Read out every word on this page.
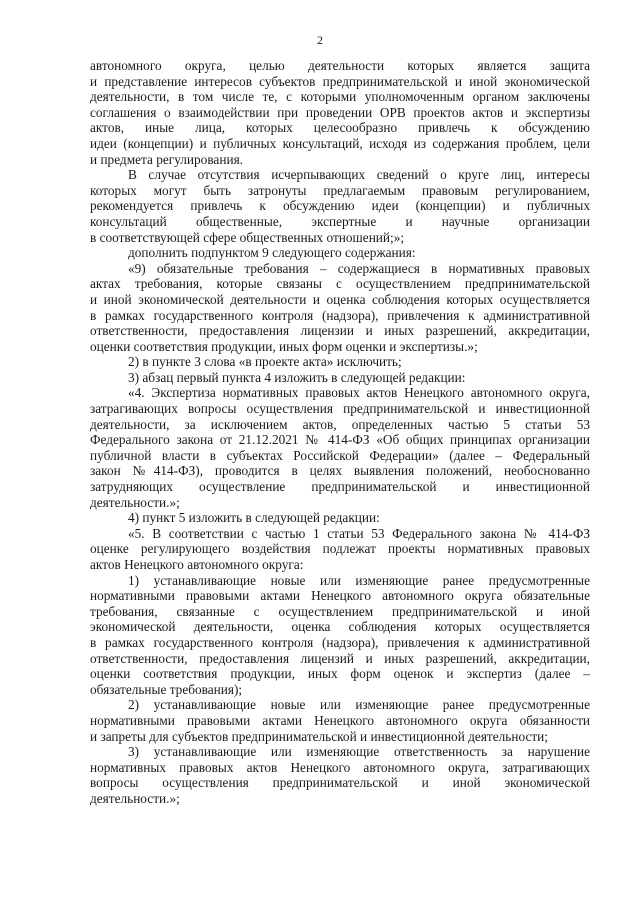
2
автономного округа, целью деятельности которых является защита
и представление интересов субъектов предпринимательской и иной экономической
деятельности, в том числе те, с которыми уполномоченным органом заключены
соглашения о взаимодействии при проведении ОРВ проектов актов и экспертизы
актов, иные лица, которых целесообразно привлечь к обсуждению
идеи (концепции) и публичных консультаций, исходя из содержания проблем, цели
и предмета регулирования.
В случае отсутствия исчерпывающих сведений о круге лиц, интересы
которых могут быть затронуты предлагаемым правовым регулированием,
рекомендуется привлечь к обсуждению идеи (концепции) и публичных
консультаций общественные, экспертные и научные организации
в соответствующей сфере общественных отношений;»;
дополнить подпунктом 9 следующего содержания:
«9) обязательные требования – содержащиеся в нормативных правовых
актах требования, которые связаны с осуществлением предпринимательской
и иной экономической деятельности и оценка соблюдения которых осуществляется
в рамках государственного контроля (надзора), привлечения к административной
ответственности, предоставления лицензии и иных разрешений, аккредитации,
оценки соответствия продукции, иных форм оценки и экспертизы.»;
2) в пункте 3 слова «в проекте акта» исключить;
3) абзац первый пункта 4 изложить в следующей редакции:
«4. Экспертиза нормативных правовых актов Ненецкого автономного округа,
затрагивающих вопросы осуществления предпринимательской и инвестиционной
деятельности, за исключением актов, определенных частью 5 статьи 53
Федерального закона от 21.12.2021 № 414-ФЗ «Об общих принципах организации
публичной власти в субъектах Российской Федерации» (далее – Федеральный
закон №414-ФЗ), проводится в целях выявления положений, необоснованно
затрудняющих осуществление предпринимательской и инвестиционной
деятельности.»;
4) пункт 5 изложить в следующей редакции:
«5. В соответствии с частью 1 статьи 53 Федерального закона № 414-ФЗ
оценке регулирующего воздействия подлежат проекты нормативных правовых
актов Ненецкого автономного округа:
1) устанавливающие новые или изменяющие ранее предусмотренные
нормативными правовыми актами Ненецкого автономного округа обязательные
требования, связанные с осуществлением предпринимательской и иной
экономической деятельности, оценка соблюдения которых осуществляется
в рамках государственного контроля (надзора), привлечения к административной
ответственности, предоставления лицензий и иных разрешений, аккредитации,
оценки соответствия продукции, иных форм оценок и экспертиз (далее –
обязательные требования);
2) устанавливающие новые или изменяющие ранее предусмотренные
нормативными правовыми актами Ненецкого автономного округа обязанности
и запреты для субъектов предпринимательской и инвестиционной деятельности;
3) устанавливающие или изменяющие ответственность за нарушение
нормативных правовых актов Ненецкого автономного округа, затрагивающих
вопросы осуществления предпринимательской и иной экономической
деятельности.»;
